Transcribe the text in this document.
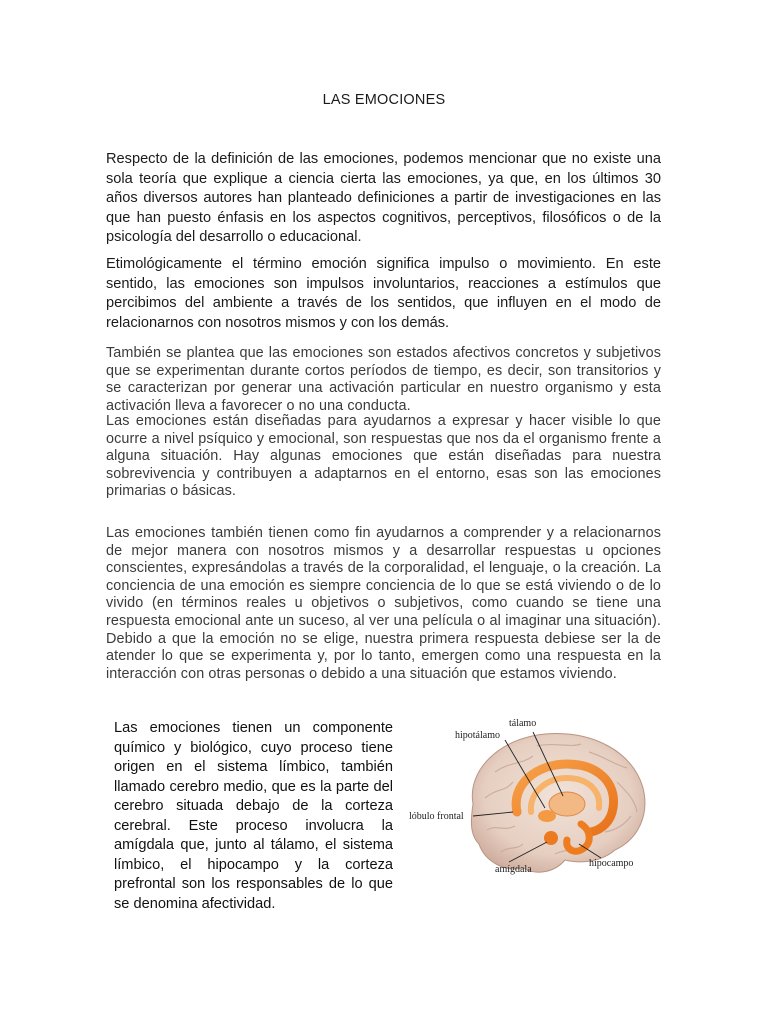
LAS EMOCIONES

Respecto de la definición de las emociones, podemos mencionar que no existe una sola teoría que explique a ciencia cierta las emociones, ya que, en los últimos 30 años diversos autores han planteado definiciones a partir de investigaciones en las que han puesto énfasis en los aspectos cognitivos, perceptivos, filosóficos o de la psicología del desarrollo o educacional.

Etimológicamente el término emoción significa impulso o movimiento. En este sentido, las emociones son impulsos involuntarios, reacciones a estímulos que percibimos del ambiente a través de los sentidos, que influyen en el modo de relacionarnos con nosotros mismos y con los demás.

También se plantea que las emociones son estados afectivos concretos y subjetivos que se experimentan durante cortos períodos de tiempo, es decir, son transitorios y se caracterizan por generar una activación particular en nuestro organismo y esta activación lleva a favorecer o no una conducta.

Las emociones están diseñadas para ayudarnos a expresar y hacer visible lo que ocurre a nivel psíquico y emocional, son respuestas que nos da el organismo frente a alguna situación. Hay algunas emociones que están diseñadas para nuestra sobrevivencia y contribuyen a adaptarnos en el entorno, esas son las emociones primarias o básicas.

Las emociones también tienen como fin ayudarnos a comprender y a relacionarnos de mejor manera con nosotros mismos y a desarrollar respuestas u opciones conscientes, expresándolas a través de la corporalidad, el lenguaje, o la creación. La conciencia de una emoción es siempre conciencia de lo que se está viviendo o de lo vivido (en términos reales u objetivos o subjetivos, como cuando se tiene una respuesta emocional ante un suceso, al ver una película o al imaginar una situación). Debido a que la emoción no se elige, nuestra primera respuesta debiese ser la de atender lo que se experimenta y, por lo tanto, emergen como una respuesta en la interacción con otras personas o debido a una situación que estamos viviendo.

Las emociones tienen un componente químico y biológico, cuyo proceso tiene origen en el sistema límbico, también llamado cerebro medio, que es la parte del cerebro situada debajo de la corteza cerebral. Este proceso involucra la amígdala que, junto al tálamo, el sistema límbico, el hipocampo y la corteza prefrontal son los responsables de lo que se denomina afectividad.

tálamo
hipotálamo
lóbulo frontal
hipocampo
amígdala
